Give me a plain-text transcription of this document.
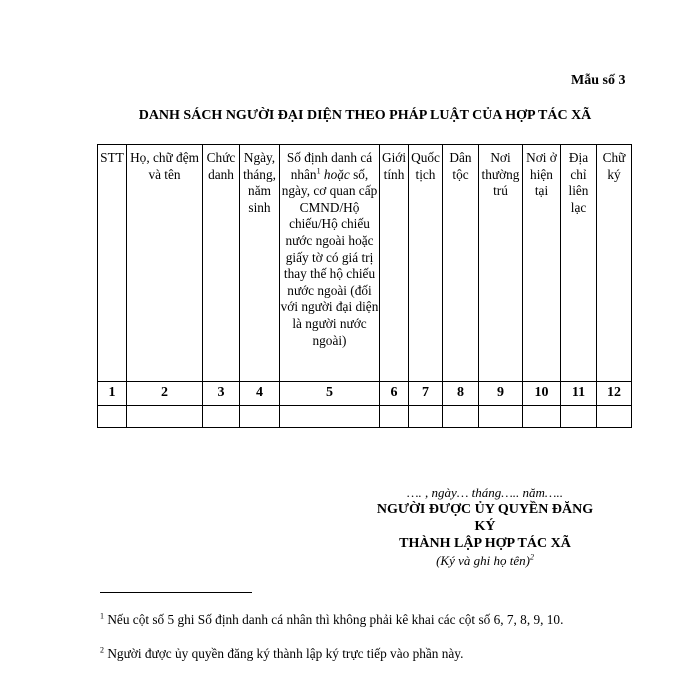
Mẫu số 3
DANH SÁCH NGƯỜI ĐẠI DIỆN THEO PHÁP LUẬT CỦA HỢP TÁC XÃ
STT	Họ, chữ đệm và tên	Chức danh	Ngày, tháng, năm sinh	Số định danh cá nhân$^1$ hoặc số, ngày, cơ quan cấp CMND/Hộ chiếu/Hộ chiếu nước ngoài hoặc giấy tờ có giá trị thay thế hộ chiếu nước ngoài (đối với người đại diện là người nước ngoài)	Giới tính	Quốc tịch	Dân tộc	Nơi thường trú	Nơi ở hiện tại	Địa chỉ liên lạc	Chữ ký
1	2	3	4	5	6	7	8	9	10	11	12

…. , ngày… tháng….. năm…..
NGƯỜI ĐƯỢC ỦY QUYỀN ĐĂNG
KÝ
THÀNH LẬP HỢP TÁC XÃ
(Ký và ghi họ tên)$^2$
$^1$ Nếu cột số 5 ghi Số định danh cá nhân thì không phải kê khai các cột số 6, 7, 8, 9, 10.
$^2$ Người được ủy quyền đăng ký thành lập ký trực tiếp vào phần này.
